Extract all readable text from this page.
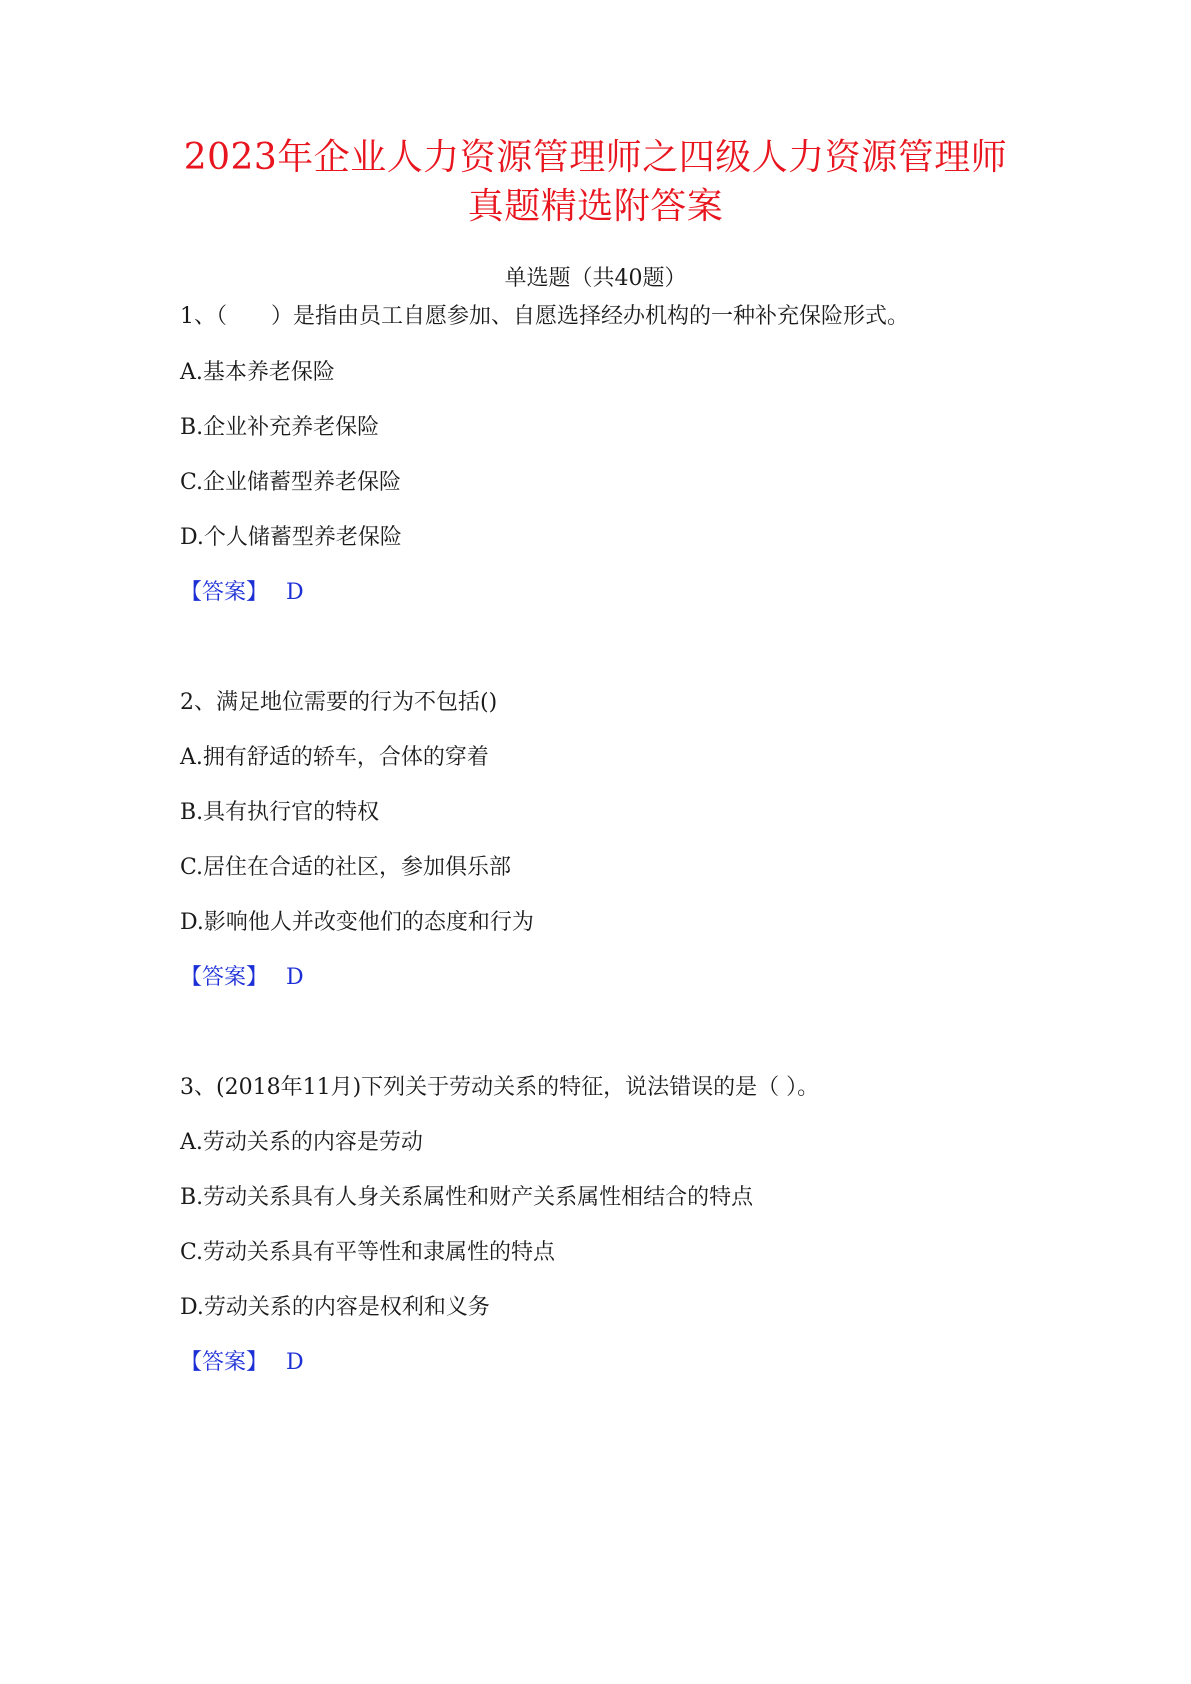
2023年企业人力资源管理师之四级人力资源管理师
真题精选附答案
单选题（共40题）
1、（　　）是指由员工自愿参加、自愿选择经办机构的一种补充保险形式。
A.基本养老保险
B.企业补充养老保险
C.企业储蓄型养老保险
D.个人储蓄型养老保险
【答案】 D
2、满足地位需要的行为不包括()
A.拥有舒适的轿车，合体的穿着
B.具有执行官的特权
C.居住在合适的社区，参加俱乐部
D.影响他人并改变他们的态度和行为
【答案】 D
3、(2018年11月)下列关于劳动关系的特征，说法错误的是（ ）。
A.劳动关系的内容是劳动
B.劳动关系具有人身关系属性和财产关系属性相结合的特点
C.劳动关系具有平等性和隶属性的特点
D.劳动关系的内容是权利和义务
【答案】 D
